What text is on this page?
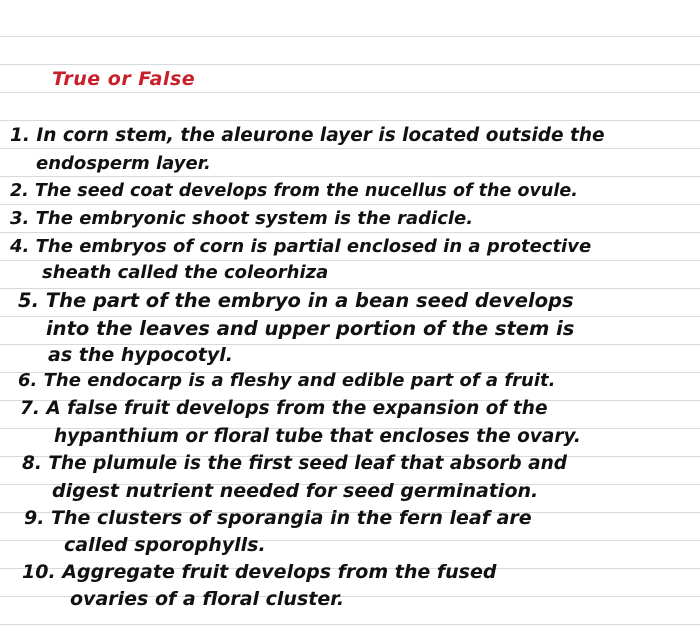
True or False
1. In corn stem, the aleurone layer is located outside the
endosperm layer.
2. The seed coat develops from the nucellus of the ovule.
3. The embryonic shoot system is the radicle.
4. The embryos of corn is partial enclosed in a protective
sheath called the coleorhiza
5. The part of the embryo in a bean seed develops
into the leaves and upper portion of the stem is
as the hypocotyl.
6. The endocarp is a fleshy and edible part of a fruit.
7. A false fruit develops from the expansion of the
hypanthium or floral tube that encloses the ovary.
8. The plumule is the first seed leaf that absorb and
digest nutrient needed for seed germination.
9. The clusters of sporangia in the fern leaf are
called sporophylls.
10. Aggregate fruit develops from the fused
ovaries of a floral cluster.
